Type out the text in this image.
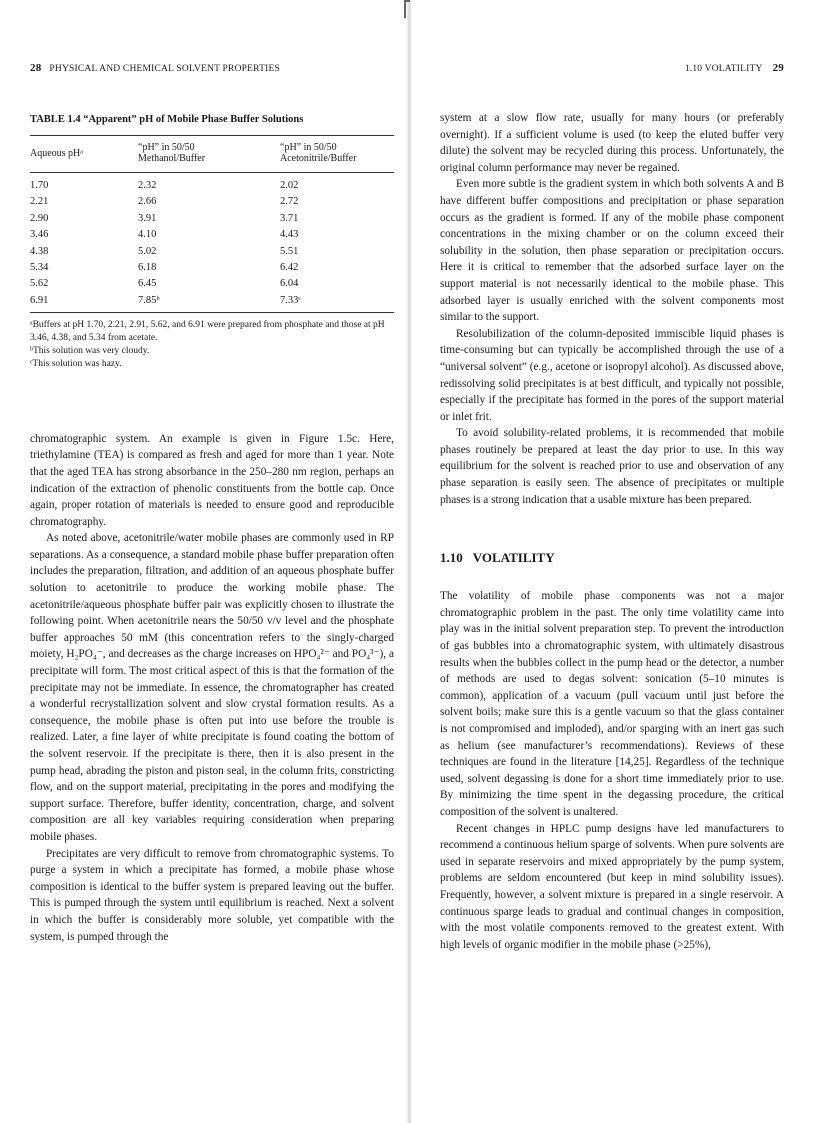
28 PHYSICAL AND CHEMICAL SOLVENT PROPERTIES
TABLE 1.4 “Apparent” pH of Mobile Phase Buffer Solutions
Aqueous pHᵃ	“pH” in 50/50 Methanol/Buffer	“pH” in 50/50 Acetonitrile/Buffer
1.70	2.32	2.02
2.21	2.66	2.72
2.90	3.91	3.71
3.46	4.10	4.43
4.38	5.02	5.51
5.34	6.18	6.42
5.62	6.45	6.04
6.91	7.85ᵇ	7.33ᶜ

ᵃBuffers at pH 1.70, 2.21, 2.91, 5.62, and 6.91 were prepared from phosphate and those at pH 3.46, 4.38, and 5.34 from acetate.

ᵇThis solution was very cloudy.

ᶜThis solution was hazy.

chromatographic system. An example is given in Figure 1.5c. Here, triethylamine (TEA) is compared as fresh and aged for more than 1 year. Note that the aged TEA has strong absorbance in the 250–280 nm region, perhaps an indication of the extraction of phenolic constituents from the bottle cap. Once again, proper rotation of materials is needed to ensure good and reproducible chromatography.

As noted above, acetonitrile/water mobile phases are commonly used in RP separations. As a consequence, a standard mobile phase buffer preparation often includes the preparation, filtration, and addition of an aqueous phosphate buffer solution to acetonitrile to produce the working mobile phase. The acetonitrile/aqueous phosphate buffer pair was explicitly chosen to illustrate the following point. When acetonitrile nears the 50/50 v/v level and the phosphate buffer approaches 50 mM (this concentration refers to the singly-charged moiety, H₂PO₄⁻, and decreases as the charge increases on HPO₄²⁻ and PO₄³⁻), a precipitate will form. The most critical aspect of this is that the formation of the precipitate may not be immediate. In essence, the chromatographer has created a wonderful recrystallization solvent and slow crystal formation results. As a consequence, the mobile phase is often put into use before the trouble is realized. Later, a fine layer of white precipitate is found coating the bottom of the solvent reservoir. If the precipitate is there, then it is also present in the pump head, abrading the piston and piston seal, in the column frits, constricting flow, and on the support material, precipitating in the pores and modifying the support surface. Therefore, buffer identity, concentration, charge, and solvent composition are all key variables requiring consideration when preparing mobile phases.

Precipitates are very difficult to remove from chromatographic systems. To purge a system in which a precipitate has formed, a mobile phase whose composition is identical to the buffer system is prepared leaving out the buffer. This is pumped through the system until equilibrium is reached. Next a solvent in which the buffer is considerably more soluble, yet compatible with the system, is pumped through the

1.10 VOLATILITY 29

system at a slow flow rate, usually for many hours (or preferably overnight). If a sufficient volume is used (to keep the eluted buffer very dilute) the solvent may be recycled during this process. Unfortunately, the original column performance may never be regained.

Even more subtle is the gradient system in which both solvents A and B have different buffer compositions and precipitation or phase separation occurs as the gradient is formed. If any of the mobile phase component concentrations in the mixing chamber or on the column exceed their solubility in the solution, then phase separation or precipitation occurs. Here it is critical to remember that the adsorbed surface layer on the support material is not necessarily identical to the mobile phase. This adsorbed layer is usually enriched with the solvent components most similar to the support.

Resolubilization of the column-deposited immiscible liquid phases is time-consuming but can typically be accomplished through the use of a “universal solvent” (e.g., acetone or isopropyl alcohol). As discussed above, redissolving solid precipitates is at best difficult, and typically not possible, especially if the precipitate has formed in the pores of the support material or inlet frit.

To avoid solubility-related problems, it is recommended that mobile phases routinely be prepared at least the day prior to use. In this way equilibrium for the solvent is reached prior to use and observation of any phase separation is easily seen. The absence of precipitates or multiple phases is a strong indication that a usable mixture has been prepared.

1.10 VOLATILITY

The volatility of mobile phase components was not a major chromatographic problem in the past. The only time volatility came into play was in the initial solvent preparation step. To prevent the introduction of gas bubbles into a chromatographic system, with ultimately disastrous results when the bubbles collect in the pump head or the detector, a number of methods are used to degas solvent: sonication (5–10 minutes is common), application of a vacuum (pull vacuum until just before the solvent boils; make sure this is a gentle vacuum so that the glass container is not compromised and imploded), and/or sparging with an inert gas such as helium (see manufacturer’s recommendations). Reviews of these techniques are found in the literature [14,25]. Regardless of the technique used, solvent degassing is done for a short time immediately prior to use. By minimizing the time spent in the degassing procedure, the critical composition of the solvent is unaltered.

Recent changes in HPLC pump designs have led manufacturers to recommend a continuous helium sparge of solvents. When pure solvents are used in separate reservoirs and mixed appropriately by the pump system, problems are seldom encountered (but keep in mind solubility issues). Frequently, however, a solvent mixture is prepared in a single reservoir. A continuous sparge leads to gradual and continual changes in composition, with the most volatile components removed to the greatest extent. With high levels of organic modifier in the mobile phase (>25%),
